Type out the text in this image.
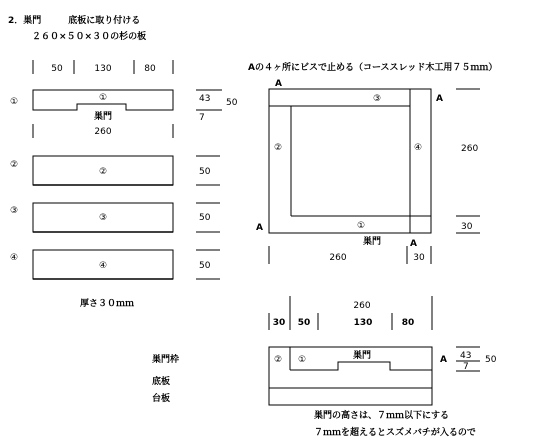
2．巣門　　　底板に取り付ける
２６０×５０×３０の杉の板
50	130	80
①	①
巣門
260
43
7
50
②
②	50
③
③	50
④
④	50
厚さ３０ｍｍ
Aの４ヶ所にビスで止める（コーススレッド木工用７５ｍｍ）
A
A
A
A
③
②	④
①
巣門
260
30
260	30
260
30 50	130	80
巣門枠
底板
台板
② ①	巣門	A 43
7
50
巣門の高さは、７ｍｍ以下にする
７ｍｍを超えるとスズメバチが入るので
